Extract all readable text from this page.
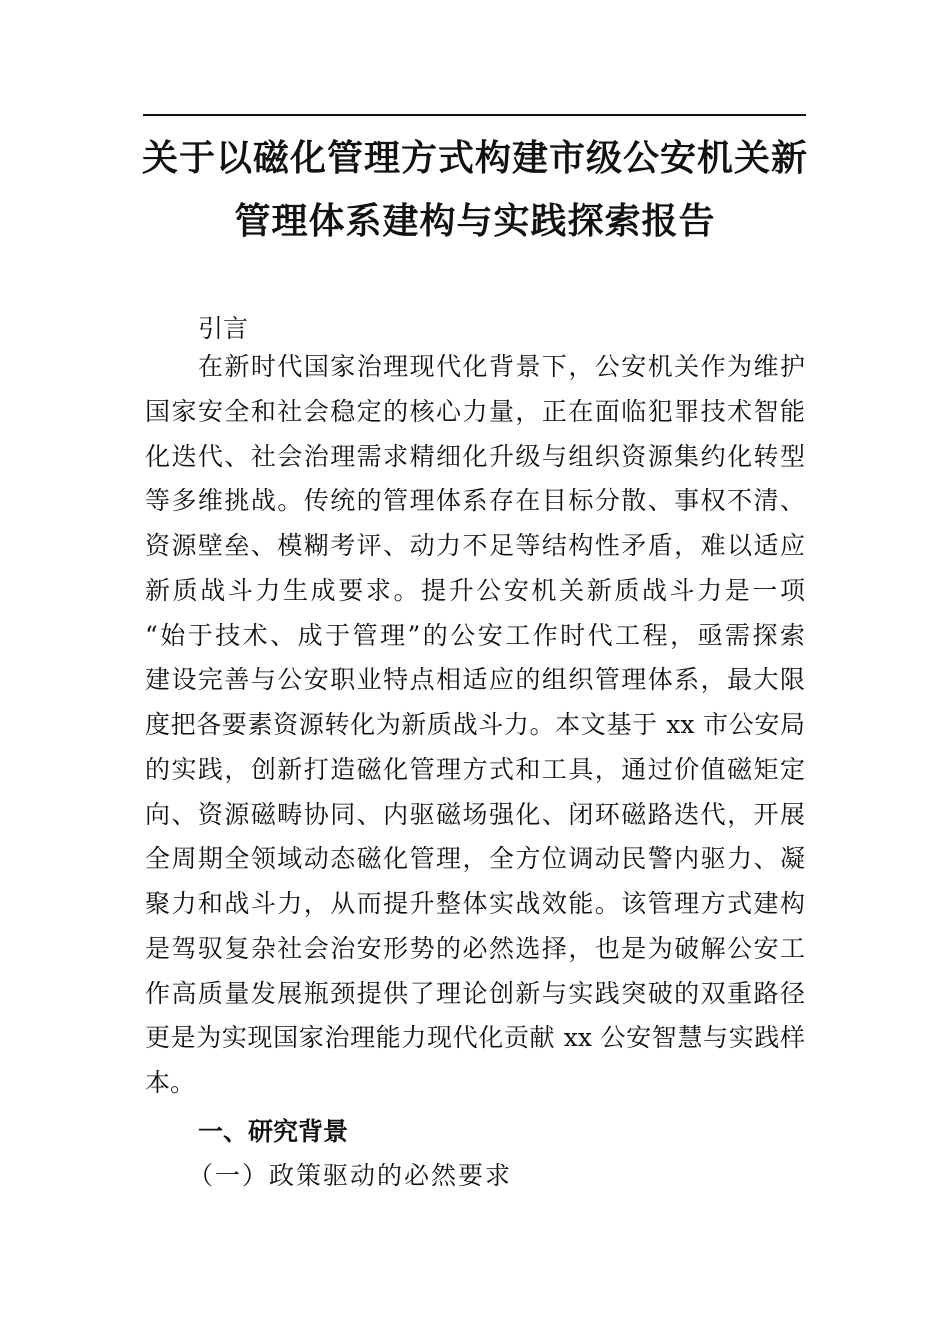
关于以磁化管理方式构建市级公安机关新
管理体系建构与实践探索报告
引言
在新时代国家治理现代化背景下，公安机关作为维护
国家安全和社会稳定的核心力量，正在面临犯罪技术智能
化迭代、社会治理需求精细化升级与组织资源集约化转型
等多维挑战。传统的管理体系存在目标分散、事权不清、
资源壁垒、模糊考评、动力不足等结构性矛盾，难以适应
新质战斗力生成要求。提升公安机关新质战斗力是一项
“始于技术、成于管理”的公安工作时代工程，亟需探索
建设完善与公安职业特点相适应的组织管理体系，最大限
度把各要素资源转化为新质战斗力。本文基于 xx 市公安局
的实践，创新打造磁化管理方式和工具，通过价值磁矩定
向、资源磁畴协同、内驱磁场强化、闭环磁路迭代，开展
全周期全领域动态磁化管理，全方位调动民警内驱力、凝
聚力和战斗力，从而提升整体实战效能。该管理方式建构
是驾驭复杂社会治安形势的必然选择，也是为破解公安工
作高质量发展瓶颈提供了理论创新与实践突破的双重路径
更是为实现国家治理能力现代化贡献 xx 公安智慧与实践样
本。
一、研究背景
（一）政策驱动的必然要求
